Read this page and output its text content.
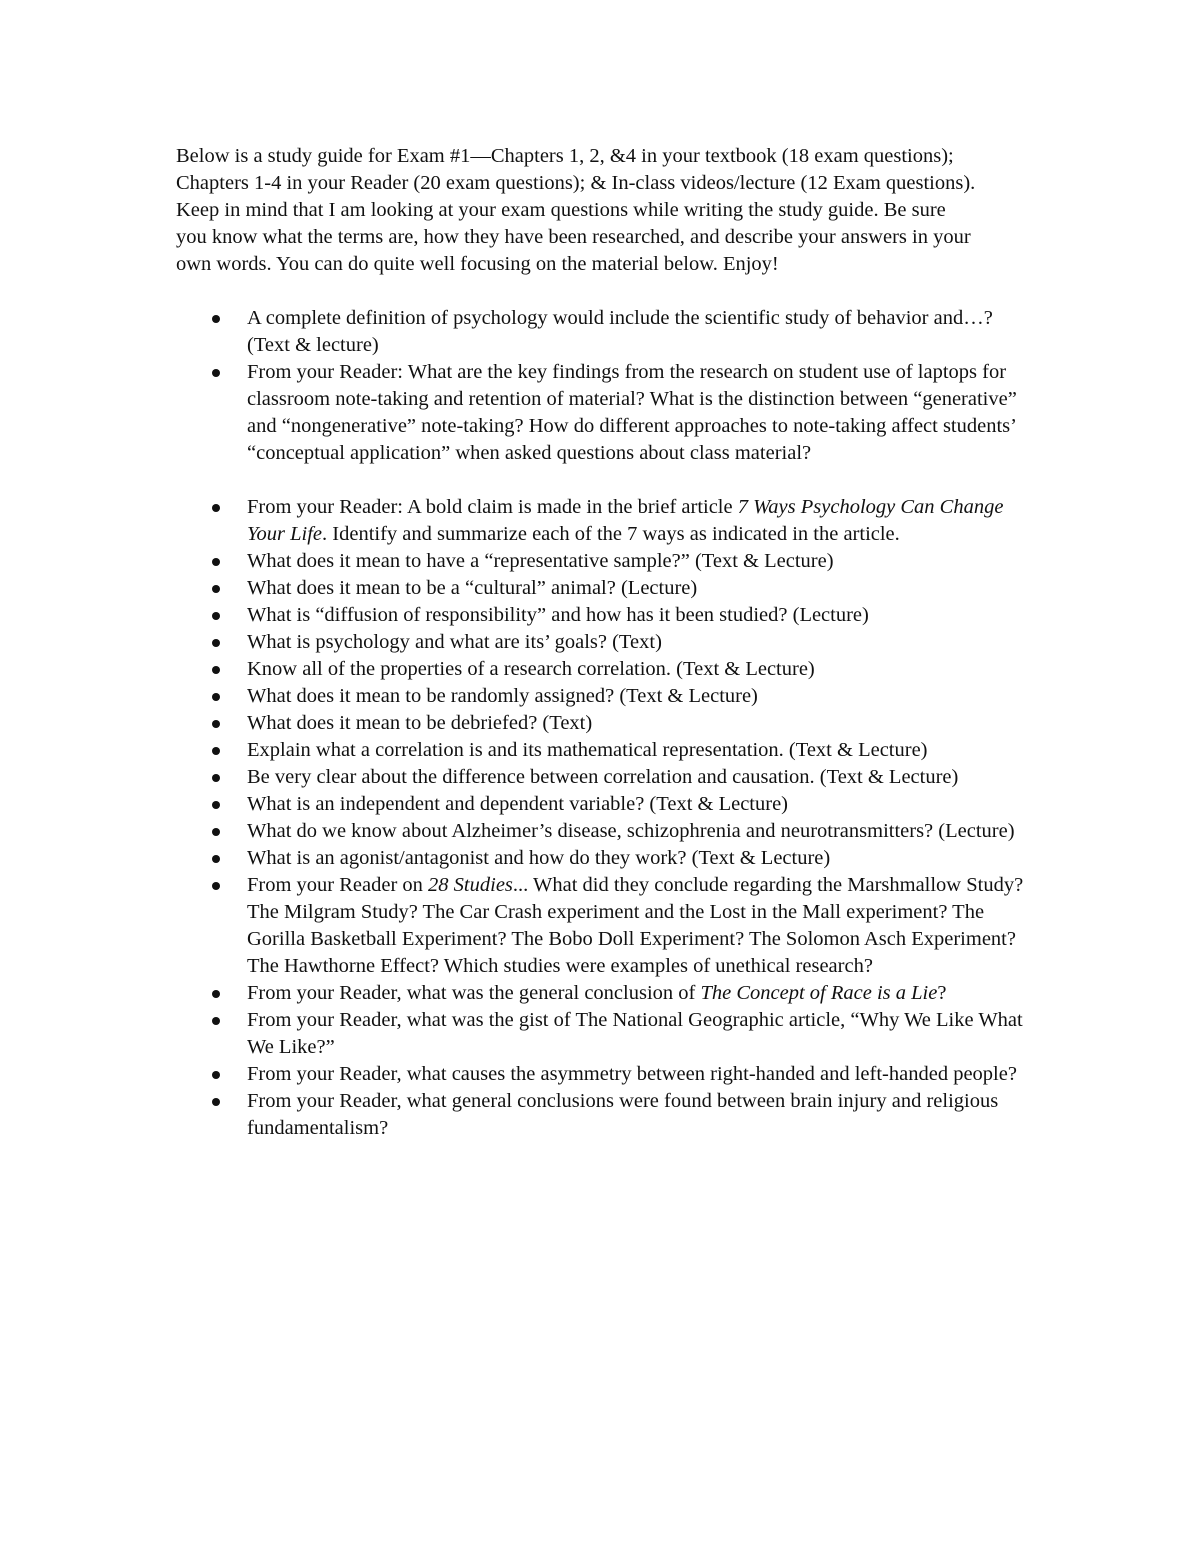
Below is a study guide for Exam #1—Chapters 1, 2, &4 in your textbook (18 exam questions); Chapters 1-4 in your Reader (20 exam questions); & In-class videos/lecture (12 Exam questions). Keep in mind that I am looking at your exam questions while writing the study guide. Be sure you know what the terms are, how they have been researched, and describe your answers in your own words. You can do quite well focusing on the material below. Enjoy!

A complete definition of psychology would include the scientific study of behavior and…? (Text & lecture)
From your Reader: What are the key findings from the research on student use of laptops for classroom note-taking and retention of material? What is the distinction between “generative” and “nongenerative” note-taking? How do different approaches to note-taking affect students’ “conceptual application” when asked questions about class material?
From your Reader: A bold claim is made in the brief article 7 Ways Psychology Can Change Your Life. Identify and summarize each of the 7 ways as indicated in the article.
What does it mean to have a “representative sample?” (Text & Lecture)
What does it mean to be a “cultural” animal? (Lecture)
What is “diffusion of responsibility” and how has it been studied? (Lecture)
What is psychology and what are its’ goals? (Text)
Know all of the properties of a research correlation. (Text & Lecture)
What does it mean to be randomly assigned? (Text & Lecture)
What does it mean to be debriefed? (Text)
Explain what a correlation is and its mathematical representation. (Text & Lecture)
Be very clear about the difference between correlation and causation. (Text & Lecture)
What is an independent and dependent variable? (Text & Lecture)
What do we know about Alzheimer’s disease, schizophrenia and neurotransmitters? (Lecture)
What is an agonist/antagonist and how do they work? (Text & Lecture)
From your Reader on 28 Studies... What did they conclude regarding the Marshmallow Study? The Milgram Study? The Car Crash experiment and the Lost in the Mall experiment? The Gorilla Basketball Experiment? The Bobo Doll Experiment? The Solomon Asch Experiment? The Hawthorne Effect? Which studies were examples of unethical research?
From your Reader, what was the general conclusion of The Concept of Race is a Lie?
From your Reader, what was the gist of The National Geographic article, “Why We Like What We Like?”
From your Reader, what causes the asymmetry between right-handed and left-handed people?
From your Reader, what general conclusions were found between brain injury and religious fundamentalism?
